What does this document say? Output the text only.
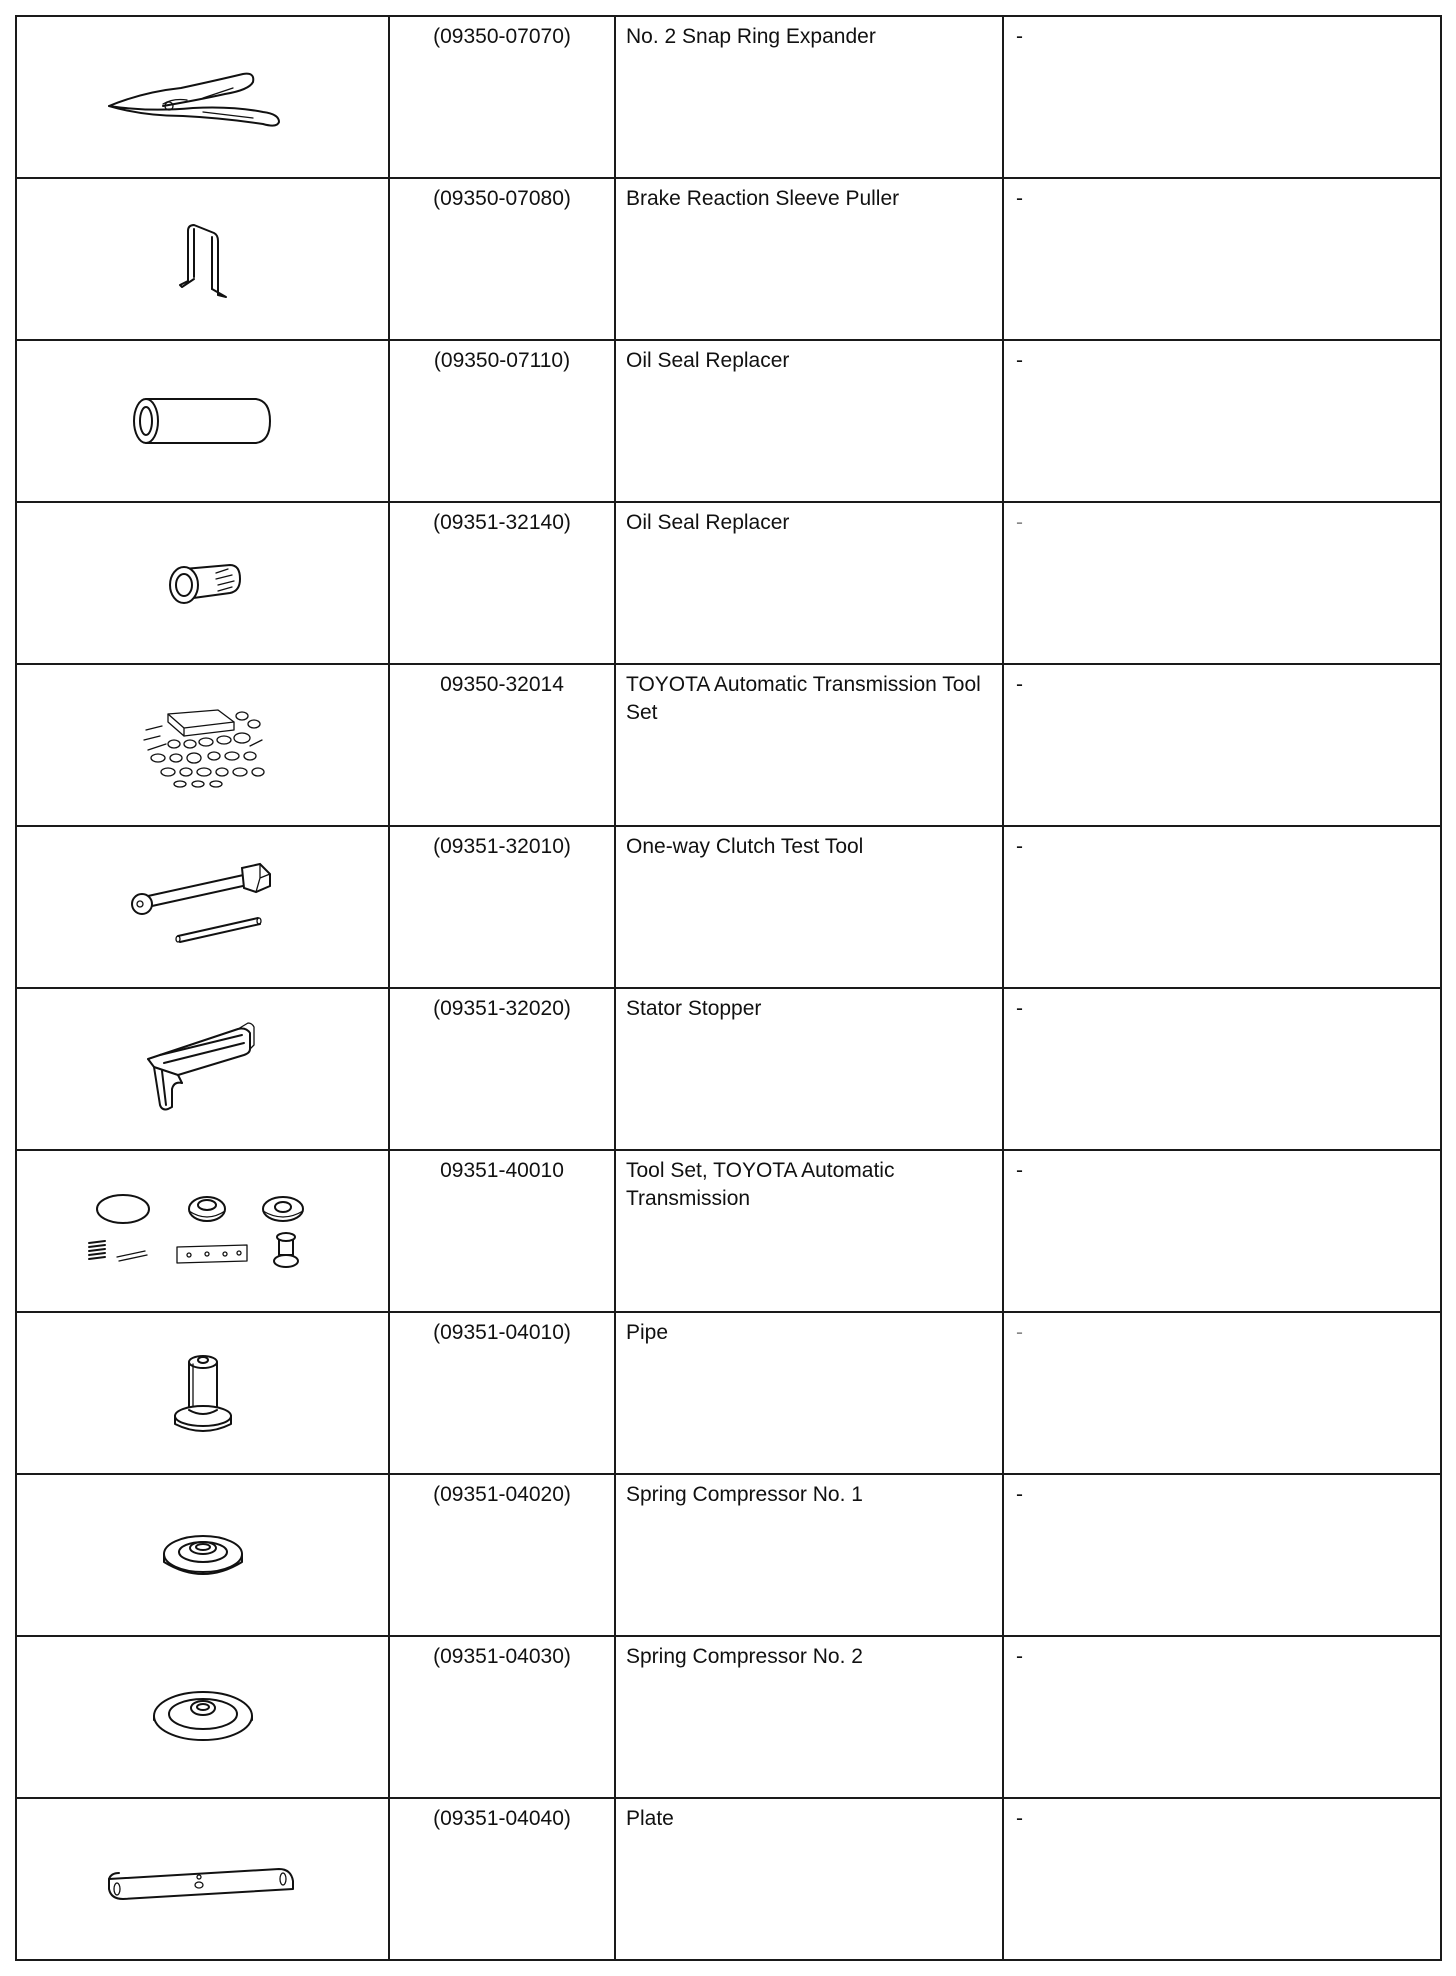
	(09350-07070)	No. 2 Snap Ring Expander	-

	(09350-07080)	Brake Reaction Sleeve Puller	-

	(09350-07110)	Oil Seal Replacer	-

	(09351-32140)	Oil Seal Replacer	-

	09350-32014	TOYOTA Automatic Transmission Tool Set	-

	(09351-32010)	One-way Clutch Test Tool	-

	(09351-32020)	Stator Stopper	-

	09351-40010	Tool Set, TOYOTA Automatic Transmission	-

	(09351-04010)	Pipe	-

	(09351-04020)	Spring Compressor No. 1	-

	(09351-04030)	Spring Compressor No. 2	-

	(09351-04040)	Plate	-
